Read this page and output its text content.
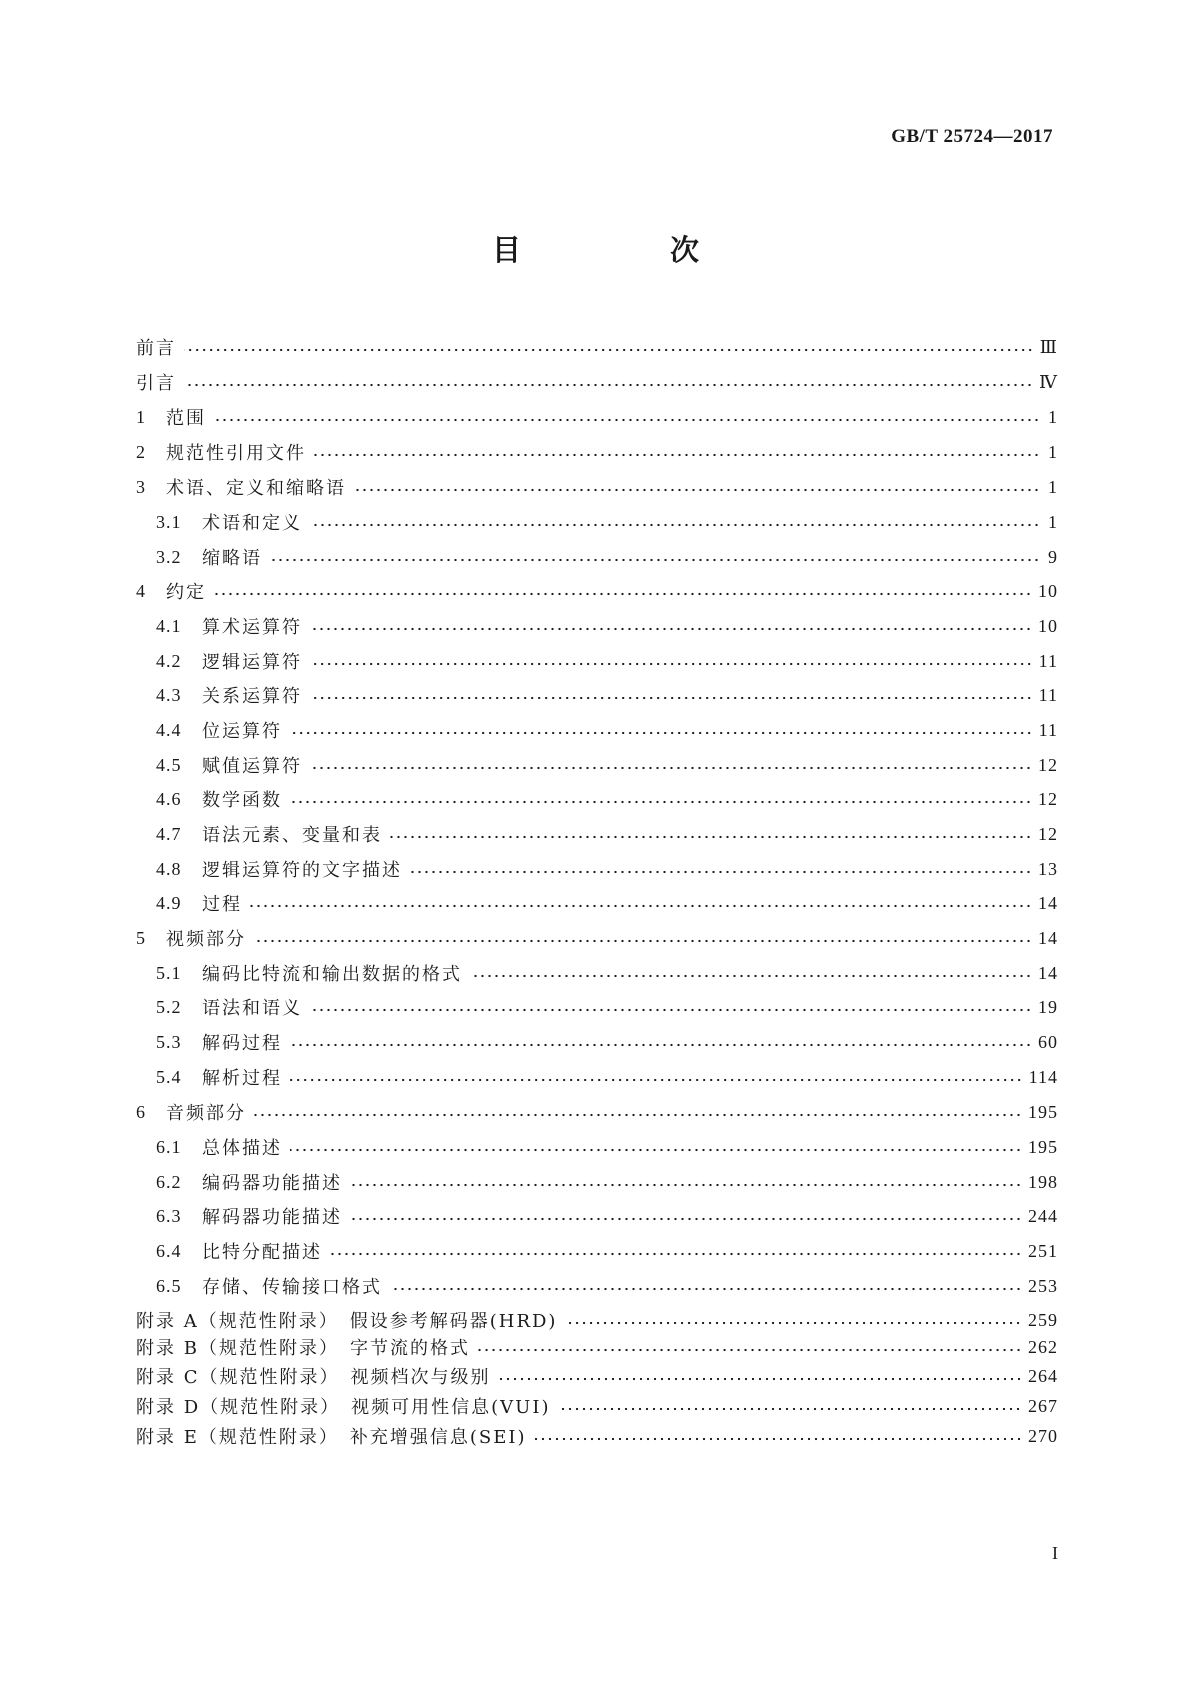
GB/T 25724—2017
目　次
前言	Ⅲ
引言	Ⅳ
1	范围	1
2	规范性引用文件	1
3	术语、定义和缩略语	1
3.1	术语和定义	1
3.2	缩略语	9
4	约定	10
4.1	算术运算符	10
4.2	逻辑运算符	11
4.3	关系运算符	11
4.4	位运算符	11
4.5	赋值运算符	12
4.6	数学函数	12
4.7	语法元素、变量和表	12
4.8	逻辑运算符的文字描述	13
4.9	过程	14
5	视频部分	14
5.1	编码比特流和输出数据的格式	14
5.2	语法和语义	19
5.3	解码过程	60
5.4	解析过程	114
6	音频部分	195
6.1	总体描述	195
6.2	编码器功能描述	198
6.3	解码器功能描述	244
6.4	比特分配描述	251
6.5	存储、传输接口格式	253
附录 A（规范性附录）　假设参考解码器(HRD)	259
附录 B（规范性附录）　字节流的格式	262
附录 C（规范性附录）　视频档次与级别	264
附录 D（规范性附录）　视频可用性信息(VUI)	267
附录 E（规范性附录）　补充增强信息(SEI)	270
I
